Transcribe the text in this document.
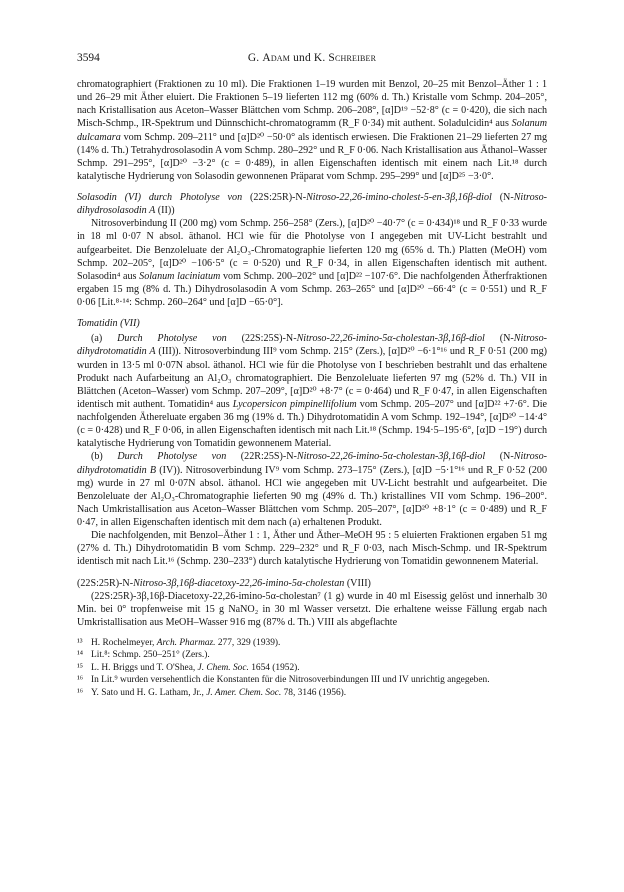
3594	G. Adam und K. Schreiber

chromatographiert (Fraktionen zu 10 ml). Die Fraktionen 1–19 wurden mit Benzol, 20–25 mit Benzol–Äther 1 : 1 und 26–29 mit Äther eluiert. Die Fraktionen 5–19 lieferten 112 mg (60% d. Th.) Kristalle vom Schmp. 204–205°, nach Kristallisation aus Aceton–Wasser Blättchen vom Schmp. 206–208°, [α]D¹⁹ −52·8° (c = 0·420), die sich nach Misch-Schmp., IR-Spektrum und Dünnschicht-chromatogramm (R_F 0·34) mit authent. Soladulcidin⁴ aus Solanum dulcamara vom Schmp. 209–211° und [α]D²⁰ −50·0° als identisch erwiesen. Die Fraktionen 21–29 lieferten 27 mg (14% d. Th.) Tetrahydrosolasodin A vom Schmp. 280–292° und R_F 0·06. Nach Kristallisation aus Äthanol–Wasser Schmp. 291–295°, [α]D²⁰ −3·2° (c = 0·489), in allen Eigenschaften identisch mit einem nach Lit.¹⁸ durch katalytische Hydrierung von Solasodin gewonnenen Präparat vom Schmp. 295–299° und [α]D²⁵ −3·0°.

Solasodin (VI) durch Photolyse von (22S:25R)-N-Nitroso-22,26-imino-cholest-5-en-3β,16β-diol (N-Nitroso-dihydrosolasodin A (II))

Nitrosoverbindung II (200 mg) vom Schmp. 256–258° (Zers.), [α]D²⁰ −40·7° (c = 0·434)¹⁸ und R_F 0·33 wurde in 18 ml 0·07 N absol. äthanol. HCl wie für die Photolyse von I angegeben mit UV-Licht bestrahlt und aufgearbeitet. Die Benzoleluate der Al₂O₃-Chromatographie lieferten 120 mg (65% d. Th.) Platten (MeOH) vom Schmp. 202–205°, [α]D²⁰ −106·5° (c = 0·520) und R_F 0·34, in allen Eigenschaften identisch mit authent. Solasodin⁴ aus Solanum laciniatum vom Schmp. 200–202° und [α]D²² −107·6°. Die nachfolgenden Ätherfraktionen ergaben 15 mg (8% d. Th.) Dihydrosolasodin A vom Schmp. 263–265° und [α]D²⁰ −66·4° (c = 0·551) und R_F 0·06 [Lit.⁸·¹⁴: Schmp. 260–264° und [α]D −65·0°].

Tomatidin (VII)

(a) Durch Photolyse von (22S:25S)-N-Nitroso-22,26-imino-5α-cholestan-3β,16β-diol (N-Nitroso-dihydrotomatidin A (III)). Nitrosoverbindung III⁹ vom Schmp. 215° (Zers.), [α]D²⁰ −6·1°¹⁶ und R_F 0·51 (200 mg) wurden in 13·5 ml 0·07N absol. äthanol. HCl wie für die Photolyse von I beschrieben bestrahlt und das erhaltene Produkt nach Aufarbeitung an Al₂O₃ chromatographiert. Die Benzoleluate lieferten 97 mg (52% d. Th.) VII in Blättchen (Aceton–Wasser) vom Schmp. 207–209°, [α]D²⁰ +8·7° (c = 0·464) und R_F 0·47, in allen Eigenschaften identisch mit authent. Tomatidin⁴ aus Lycopersicon pimpinellifolium vom Schmp. 205–207° und [α]D²² +7·6°. Die nachfolgenden Äthereluate ergaben 36 mg (19% d. Th.) Dihydrotomatidin A vom Schmp. 192–194°, [α]D²⁰ −14·4° (c = 0·428) und R_F 0·06, in allen Eigenschaften identisch mit nach Lit.¹⁸ (Schmp. 194·5–195·6°, [α]D −19°) durch katalytische Hydrierung von Tomatidin gewonnenem Material.

(b) Durch Photolyse von (22R:25S)-N-Nitroso-22,26-imino-5α-cholestan-3β,16β-diol (N-Nitroso-dihydrotomatidin B (IV)). Nitrosoverbindung IV⁹ vom Schmp. 273–175° (Zers.), [α]D −5·1°¹⁶ und R_F 0·52 (200 mg) wurde in 27 ml 0·07N absol. äthanol. HCl wie angegeben mit UV-Licht bestrahlt und aufgearbeitet. Die Benzoleluate der Al₂O₃-Chromatographie lieferten 90 mg (49% d. Th.) kristallines VII vom Schmp. 196–200°. Nach Umkristallisation aus Aceton–Wasser Blättchen vom Schmp. 205–207°, [α]D²⁰ +8·1° (c = 0·489) und R_F 0·47, in allen Eigenschaften identisch mit dem nach (a) erhaltenen Produkt.

Die nachfolgenden, mit Benzol–Äther 1 : 1, Äther und Äther–MeOH 95 : 5 eluierten Fraktionen ergaben 51 mg (27% d. Th.) Dihydrotomatidin B vom Schmp. 229–232° und R_F 0·03, nach Misch-Schmp. und IR-Spektrum identisch mit nach Lit.¹⁶ (Schmp. 230–233°) durch katalytische Hydrierung von Tomatidin gewonnenem Material.

(22S:25R)-N-Nitroso-3β,16β-diacetoxy-22,26-imino-5α-cholestan (VIII)

(22S:25R)-3β,16β-Diacetoxy-22,26-imino-5α-cholestan⁷ (1 g) wurde in 40 ml Eisessig gelöst und innerhalb 30 Min. bei 0° tropfenweise mit 15 g NaNO₂ in 30 ml Wasser versetzt. Die erhaltene weisse Fällung ergab nach Umkristallisation aus MeOH–Wasser 916 mg (87% d. Th.) VIII als abgeflachte

¹³ H. Rochelmeyer, Arch. Pharmaz. 277, 329 (1939).
¹⁴ Lit.⁸: Schmp. 250–251° (Zers.).
¹⁵ L. H. Briggs und T. O'Shea, J. Chem. Soc. 1654 (1952).
¹⁶ In Lit.⁹ wurden versehentlich die Konstanten für die Nitrosoverbindungen III und IV unrichtig angegeben.
¹⁶ Y. Sato und H. G. Latham, Jr., J. Amer. Chem. Soc. 78, 3146 (1956).
